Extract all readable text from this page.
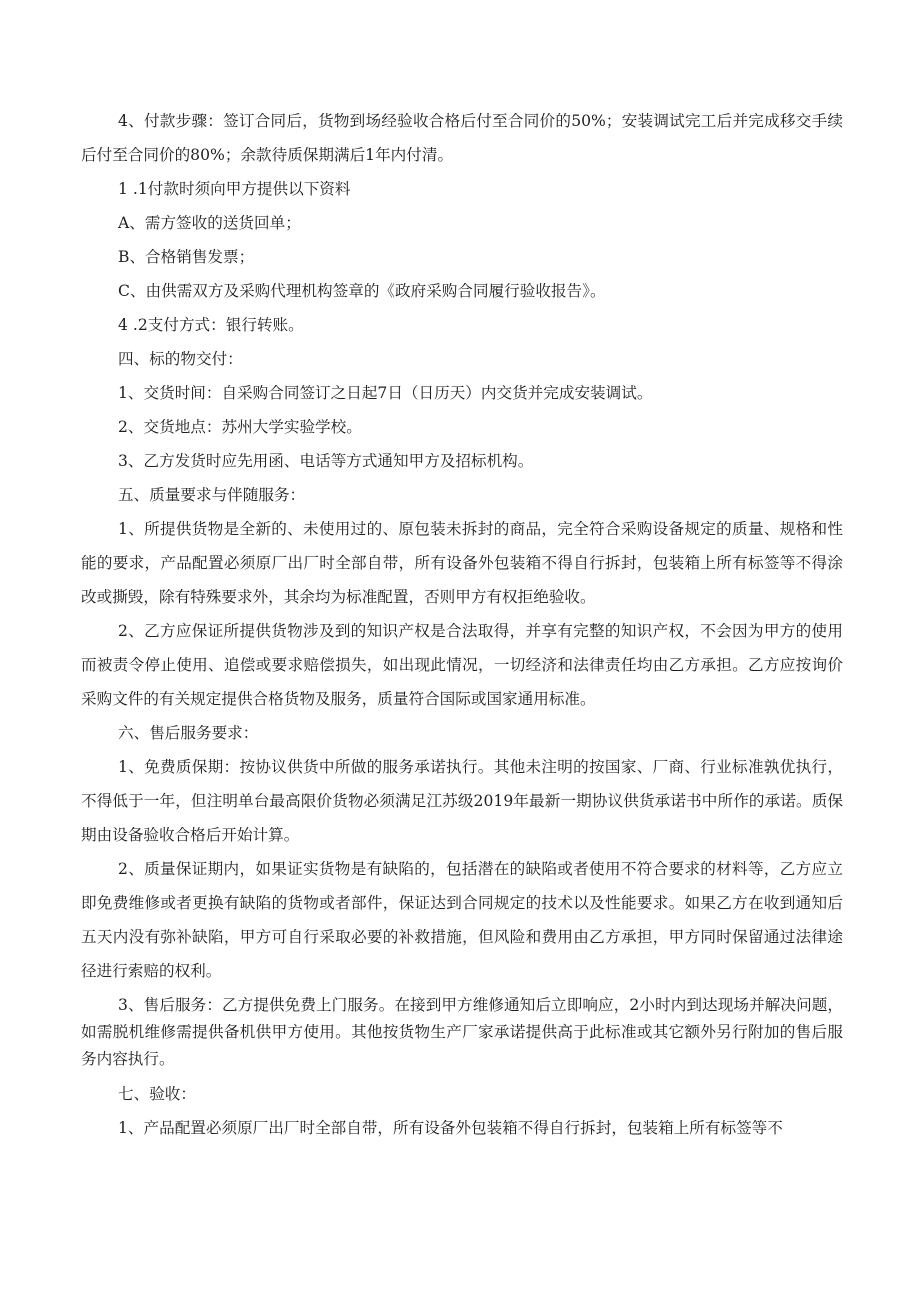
4、付款步骤：签订合同后，货物到场经验收合格后付至合同价的50%；安装调试完工后并完成移交手续后付至合同价的80%；余款待质保期满后1年内付清。

1 .1付款时须向甲方提供以下资料

A、需方签收的送货回单；

B、合格销售发票；

C、由供需双方及采购代理机构签章的《政府采购合同履行验收报告》。

4 .2支付方式：银行转账。

四、标的物交付：

1、交货时间：自采购合同签订之日起7日（日历天）内交货并完成安装调试。

2、交货地点：苏州大学实验学校。

3、乙方发货时应先用函、电话等方式通知甲方及招标机构。

五、质量要求与伴随服务：

1、所提供货物是全新的、未使用过的、原包装未拆封的商品，完全符合采购设备规定的质量、规格和性能的要求，产品配置必须原厂出厂时全部自带，所有设备外包装箱不得自行拆封，包装箱上所有标签等不得涂改或撕毁，除有特殊要求外，其余均为标准配置，否则甲方有权拒绝验收。

2、乙方应保证所提供货物涉及到的知识产权是合法取得，并享有完整的知识产权，不会因为甲方的使用而被责令停止使用、追偿或要求赔偿损失，如出现此情况，一切经济和法律责任均由乙方承担。乙方应按询价采购文件的有关规定提供合格货物及服务，质量符合国际或国家通用标准。

六、售后服务要求：

1、免费质保期：按协议供货中所做的服务承诺执行。其他未注明的按国家、厂商、行业标准孰优执行，不得低于一年，但注明单台最高限价货物必须满足江苏级2019年最新一期协议供货承诺书中所作的承诺。质保期由设备验收合格后开始计算。

2、质量保证期内，如果证实货物是有缺陷的，包括潜在的缺陷或者使用不符合要求的材料等，乙方应立即免费维修或者更换有缺陷的货物或者部件，保证达到合同规定的技术以及性能要求。如果乙方在收到通知后五天内没有弥补缺陷，甲方可自行采取必要的补救措施，但风险和费用由乙方承担，甲方同时保留通过法律途径进行索赔的权利。

3、售后服务：乙方提供免费上门服务。在接到甲方维修通知后立即响应，2小时内到达现场并解决问题，如需脱机维修需提供备机供甲方使用。其他按货物生产厂家承诺提供高于此标准或其它额外另行附加的售后服务内容执行。

七、验收：

1、产品配置必须原厂出厂时全部自带，所有设备外包装箱不得自行拆封，包装箱上所有标签等不
